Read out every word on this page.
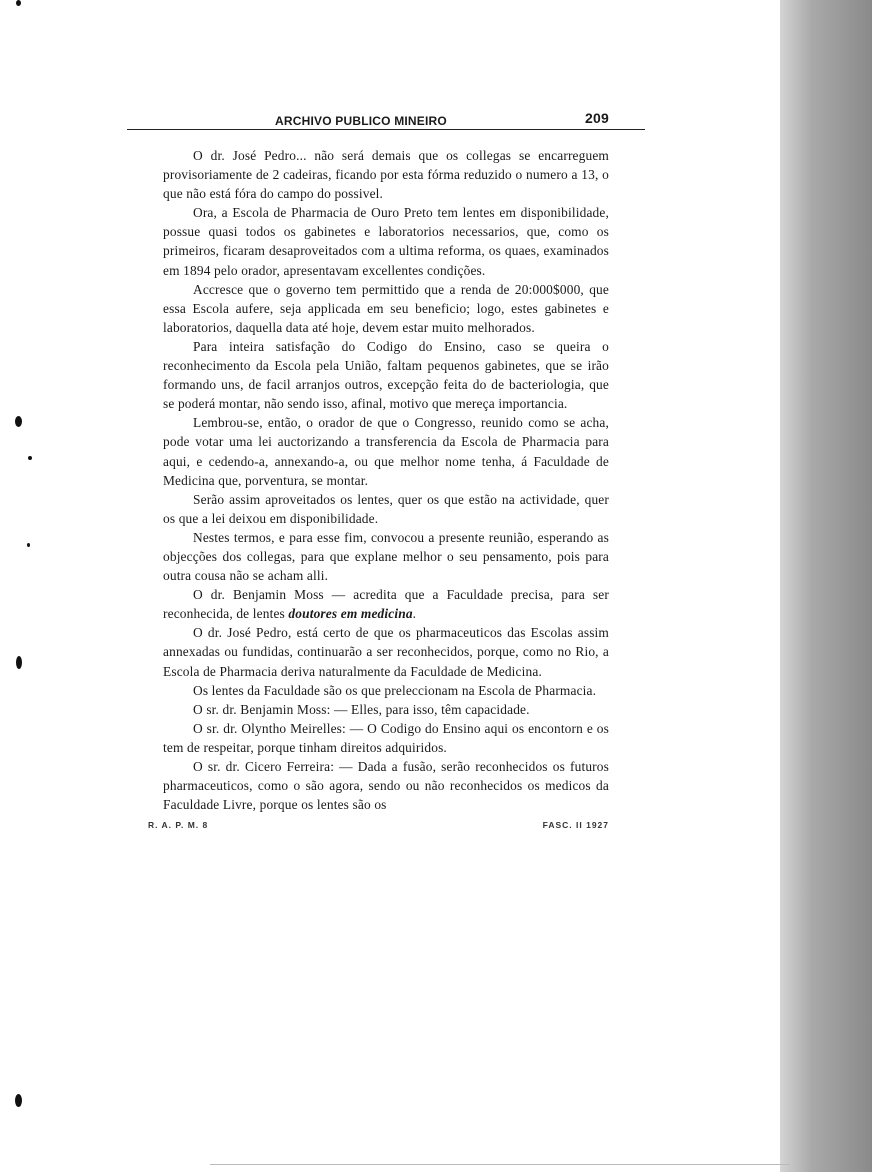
ARCHIVO PUBLICO MINEIRO	209

O dr. José Pedro... não será demais que os collegas se encarreguem provisoriamente de 2 cadeiras, ficando por esta fórma reduzido o numero a 13, o que não está fóra do campo do possivel.

Ora, a Escola de Pharmacia de Ouro Preto tem lentes em disponibilidade, possue quasi todos os gabinetes e laboratorios necessarios, que, como os primeiros, ficaram desaproveitados com a ultima reforma, os quaes, examinados em 1894 pelo orador, apresentavam excellentes condições.

Accresce que o governo tem permittido que a renda de 20:000$000, que essa Escola aufere, seja applicada em seu beneficio; logo, estes gabinetes e laboratorios, daquella data até hoje, devem estar muito melhorados.

Para inteira satisfação do Codigo do Ensino, caso se queira o reconhecimento da Escola pela União, faltam pequenos gabinetes, que se irão formando uns, de facil arranjos outros, excepção feita do de bacteriologia, que se poderá montar, não sendo isso, afinal, motivo que mereça importancia.

Lembrou-se, então, o orador de que o Congresso, reunido como se acha, pode votar uma lei auctorizando a transferencia da Escola de Pharmacia para aqui, e cedendo-a, annexando-a, ou que melhor nome tenha, á Faculdade de Medicina que, porventura, se montar.

Serão assim aproveitados os lentes, quer os que estão na actividade, quer os que a lei deixou em disponibilidade.

Nestes termos, e para esse fim, convocou a presente reunião, esperando as objecções dos collegas, para que explane melhor o seu pensamento, pois para outra cousa não se acham alli.

O dr. Benjamin Moss — acredita que a Faculdade precisa, para ser reconhecida, de lentes doutores em medicina.

O dr. José Pedro, está certo de que os pharmaceuticos das Escolas assim annexadas ou fundidas, continuarão a ser reconhecidos, porque, como no Rio, a Escola de Pharmacia deriva naturalmente da Faculdade de Medicina.

Os lentes da Faculdade são os que preleccionam na Escola de Pharmacia.

O sr. dr. Benjamin Moss: — Elles, para isso, têm capacidade.

O sr. dr. Olyntho Meirelles: — O Codigo do Ensino aqui os encontorn e os tem de respeitar, porque tinham direitos adquiridos.

O sr. dr. Cicero Ferreira: — Dada a fusão, serão reconhecidos os futuros pharmaceuticos, como o são agora, sendo ou não reconhecidos os medicos da Faculdade Livre, porque os lentes são os

R. A. P. M. 8	FASC. II 1927
